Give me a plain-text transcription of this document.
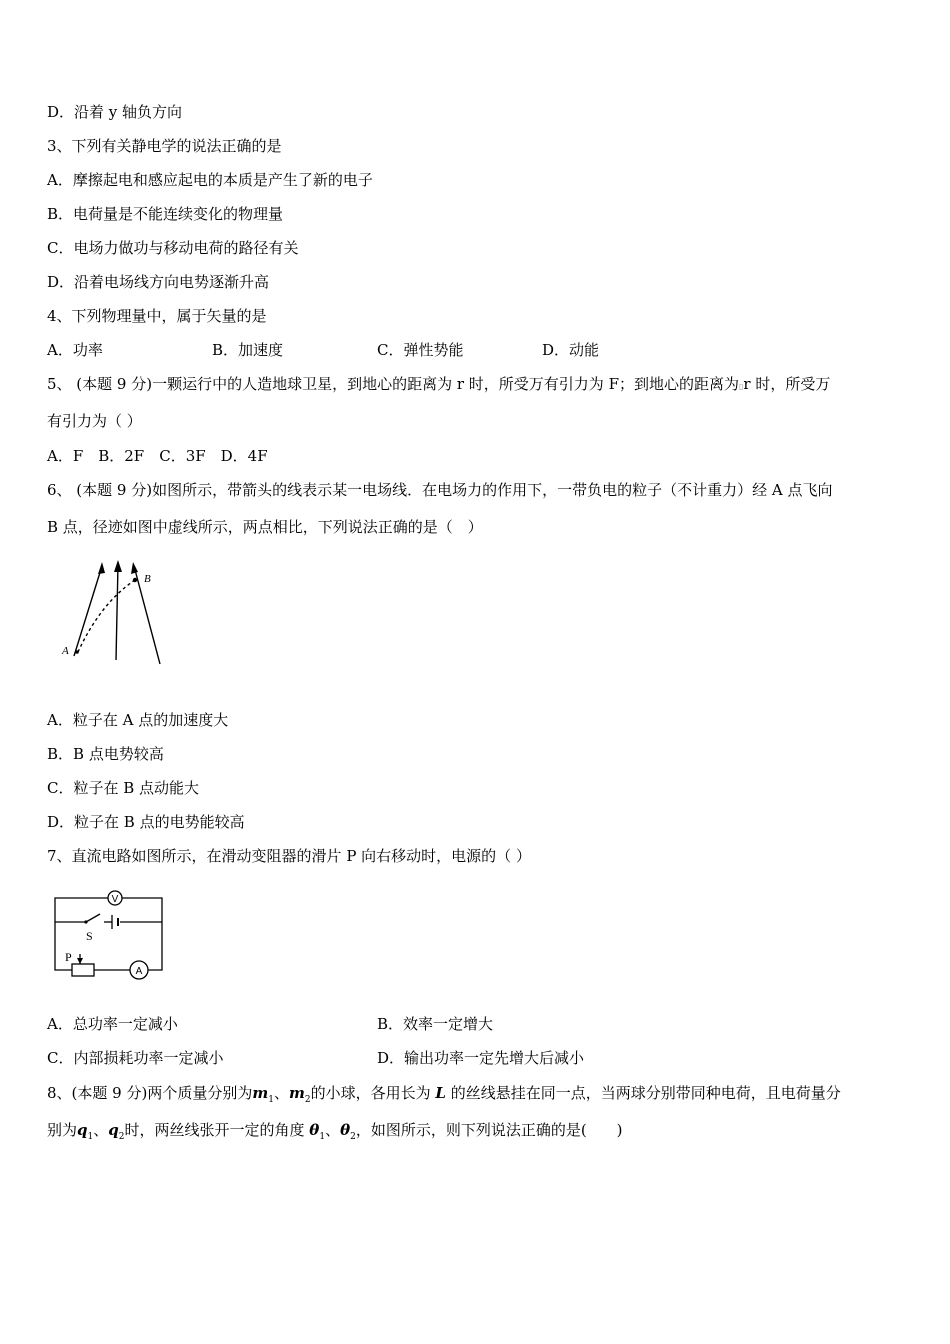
D．沿着 y 轴负方向
3、下列有关静电学的说法正确的是
A．摩擦起电和感应起电的本质是产生了新的电子
B．电荷量是不能连续变化的物理量
C．电场力做功与移动电荷的路径有关
D．沿着电场线方向电势逐渐升高
4、下列物理量中，属于矢量的是
A．功率	B．加速度	C．弹性势能	D．动能
5、 (本题 9 分)一颗运行中的人造地球卫星，到地心的距离为 r 时，所受万有引力为 F；到地心的距离为▯r 时，所受万
有引力为（ ）
A．F　B．2F　C．3F　D．4F
6、 (本题 9 分)如图所示，带箭头的线表示某一电场线．在电场力的作用下，一带负电的粒子（不计重力）经 A 点飞向
B 点，径迹如图中虚线所示，两点相比，下列说法正确的是（　）
A
B
A．粒子在 A 点的加速度大
B．B 点电势较高
C．粒子在 B 点动能大
D．粒子在 B 点的电势能较高
7、直流电路如图所示，在滑动变阻器的滑片 P 向右移动时，电源的（ ）
V
S
P
A
A．总功率一定减小	B．效率一定增大
C．内部损耗功率一定减小	D．输出功率一定先增大后减小
8、(本题 9 分)两个质量分别为$m_1$、$m_2$的小球，各用长为 L 的丝线悬挂在同一点，当两球分别带同种电荷，且电荷量分
别为$q_1$、$q_2$时，两丝线张开一定的角度 $\theta_1$、$\theta_2$，如图所示，则下列说法正确的是(　　)
